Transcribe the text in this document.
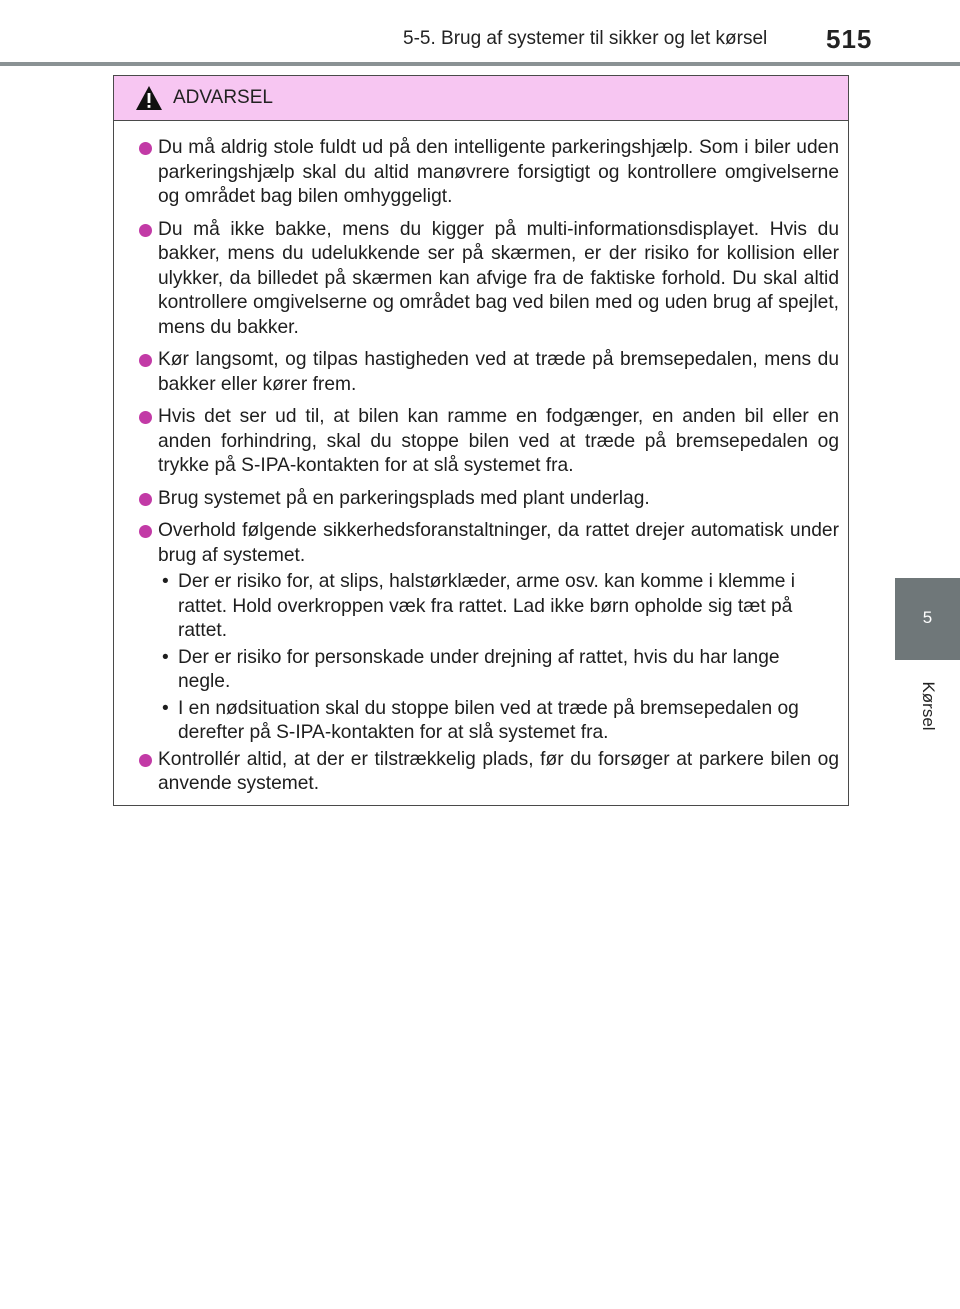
5-5. Brug af systemer til sikker og let kørsel 515
5
Kørsel
ADVARSEL
Du må aldrig stole fuldt ud på den intelligente parkeringshjælp. Som i biler uden parkeringshjælp skal du altid manøvrere forsigtigt og kontrollere omgivelserne og området bag bilen omhyggeligt.
Du må ikke bakke, mens du kigger på multi-informationsdisplayet. Hvis du bakker, mens du udelukkende ser på skærmen, er der risiko for kollision eller ulykker, da billedet på skærmen kan afvige fra de faktiske forhold. Du skal altid kontrollere omgivelserne og området bag ved bilen med og uden brug af spejlet, mens du bakker.
Kør langsomt, og tilpas hastigheden ved at træde på bremsepedalen, mens du bakker eller kører frem.
Hvis det ser ud til, at bilen kan ramme en fodgænger, en anden bil eller en anden forhindring, skal du stoppe bilen ved at træde på bremsepedalen og trykke på S-IPA-kontakten for at slå systemet fra.
Brug systemet på en parkeringsplads med plant underlag.
Overhold følgende sikkerhedsforanstaltninger, da rattet drejer automatisk under brug af systemet.
• Der er risiko for, at slips, halstørklæder, arme osv. kan komme i klemme i rattet. Hold overkroppen væk fra rattet. Lad ikke børn opholde sig tæt på rattet.
• Der er risiko for personskade under drejning af rattet, hvis du har lange negle.
• I en nødsituation skal du stoppe bilen ved at træde på bremsepedalen og derefter på S-IPA-kontakten for at slå systemet fra.
Kontrollér altid, at der er tilstrækkelig plads, før du forsøger at parkere bilen og anvende systemet.
